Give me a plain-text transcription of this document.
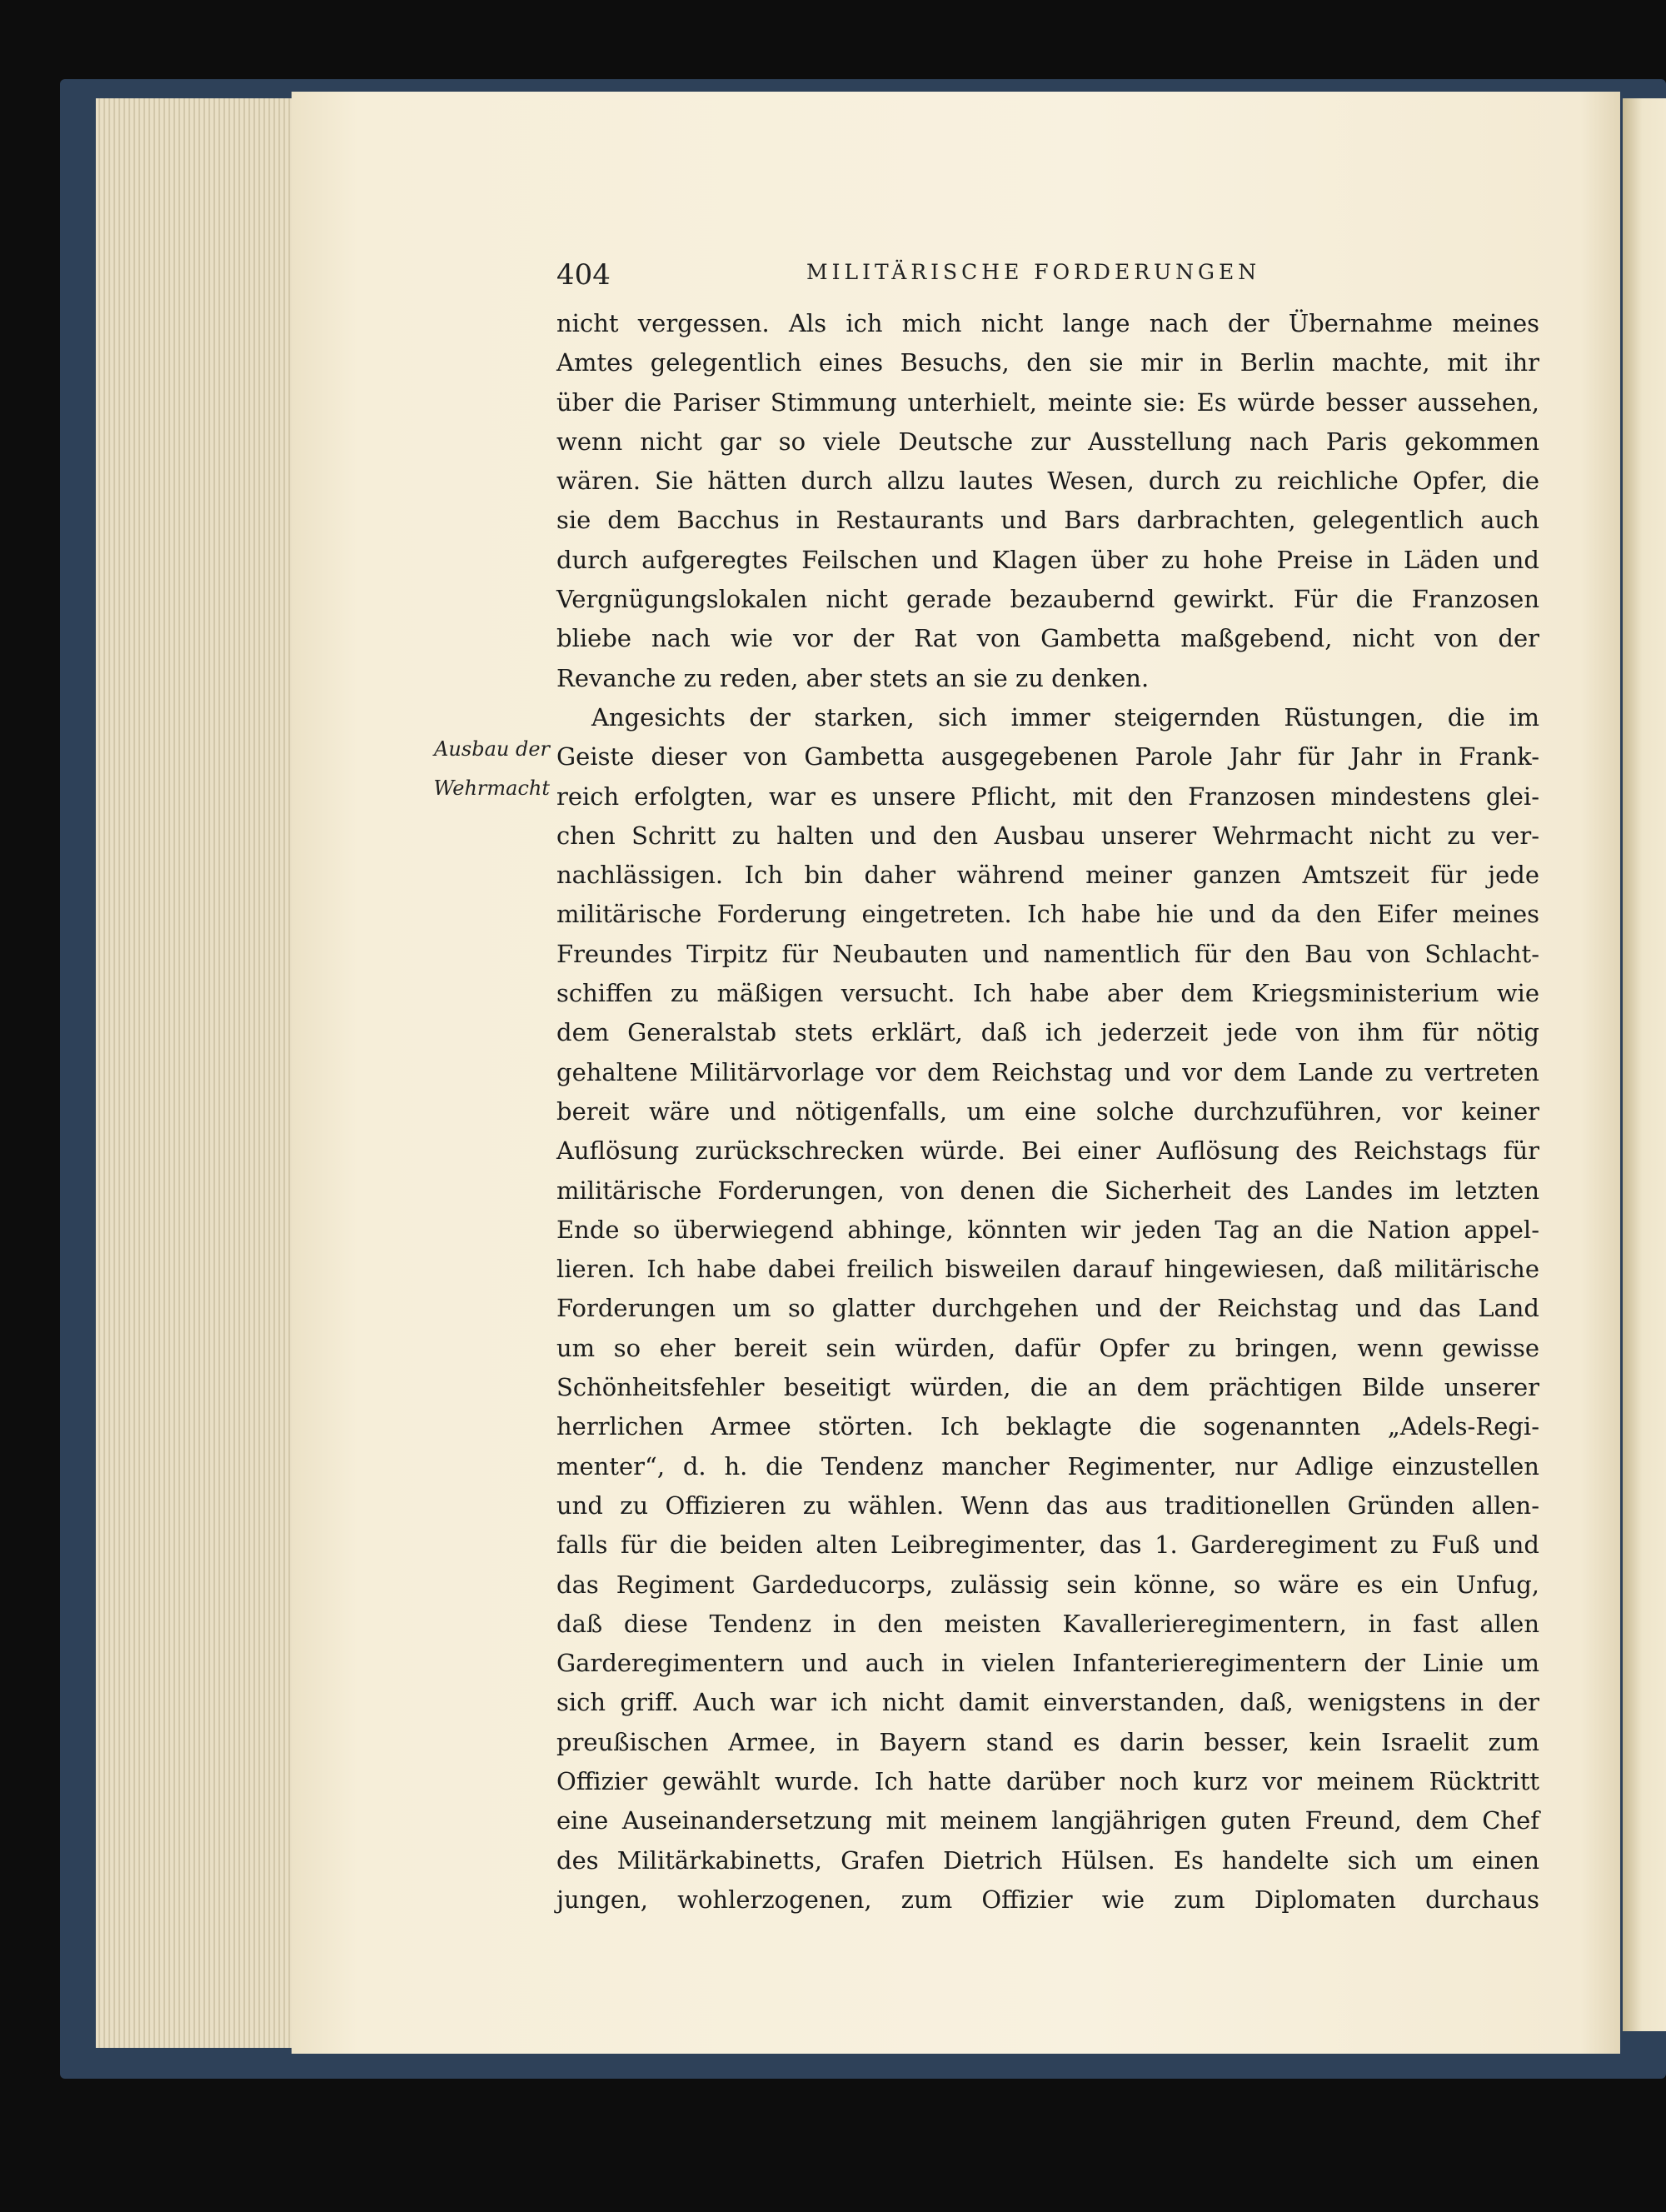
404	MILITÄRISCHE FORDERUNGEN
Ausbau der
Wehrmacht
nicht vergessen. Als ich mich nicht lange nach der Übernahme meines
Amtes gelegentlich eines Besuchs, den sie mir in Berlin machte, mit ihr
über die Pariser Stimmung unterhielt, meinte sie: Es würde besser aussehen,
wenn nicht gar so viele Deutsche zur Ausstellung nach Paris gekommen
wären. Sie hätten durch allzu lautes Wesen, durch zu reichliche Opfer, die
sie dem Bacchus in Restaurants und Bars darbrachten, gelegentlich auch
durch aufgeregtes Feilschen und Klagen über zu hohe Preise in Läden und
Vergnügungslokalen nicht gerade bezaubernd gewirkt. Für die Franzosen
bliebe nach wie vor der Rat von Gambetta maßgebend, nicht von der
Revanche zu reden, aber stets an sie zu denken.
Angesichts der starken, sich immer steigernden Rüstungen, die im
Geiste dieser von Gambetta ausgegebenen Parole Jahr für Jahr in Frank-
reich erfolgten, war es unsere Pflicht, mit den Franzosen mindestens glei-
chen Schritt zu halten und den Ausbau unserer Wehrmacht nicht zu ver-
nachlässigen. Ich bin daher während meiner ganzen Amtszeit für jede
militärische Forderung eingetreten. Ich habe hie und da den Eifer meines
Freundes Tirpitz für Neubauten und namentlich für den Bau von Schlacht-
schiffen zu mäßigen versucht. Ich habe aber dem Kriegsministerium wie
dem Generalstab stets erklärt, daß ich jederzeit jede von ihm für nötig
gehaltene Militärvorlage vor dem Reichstag und vor dem Lande zu vertreten
bereit wäre und nötigenfalls, um eine solche durchzuführen, vor keiner
Auflösung zurückschrecken würde. Bei einer Auflösung des Reichstags für
militärische Forderungen, von denen die Sicherheit des Landes im letzten
Ende so überwiegend abhinge, könnten wir jeden Tag an die Nation appel-
lieren. Ich habe dabei freilich bisweilen darauf hingewiesen, daß militärische
Forderungen um so glatter durchgehen und der Reichstag und das Land
um so eher bereit sein würden, dafür Opfer zu bringen, wenn gewisse
Schönheitsfehler beseitigt würden, die an dem prächtigen Bilde unserer
herrlichen Armee störten. Ich beklagte die sogenannten „Adels-Regi-
menter“, d. h. die Tendenz mancher Regimenter, nur Adlige einzustellen
und zu Offizieren zu wählen. Wenn das aus traditionellen Gründen allen-
falls für die beiden alten Leibregimenter, das 1. Garderegiment zu Fuß und
das Regiment Gardeducorps, zulässig sein könne, so wäre es ein Unfug,
daß diese Tendenz in den meisten Kavallerieregimentern, in fast allen
Garderegimentern und auch in vielen Infanterieregimentern der Linie um
sich griff. Auch war ich nicht damit einverstanden, daß, wenigstens in der
preußischen Armee, in Bayern stand es darin besser, kein Israelit zum
Offizier gewählt wurde. Ich hatte darüber noch kurz vor meinem Rücktritt
eine Auseinandersetzung mit meinem langjährigen guten Freund, dem Chef
des Militärkabinetts, Grafen Dietrich Hülsen. Es handelte sich um einen
jungen, wohlerzogenen, zum Offizier wie zum Diplomaten durchaus
